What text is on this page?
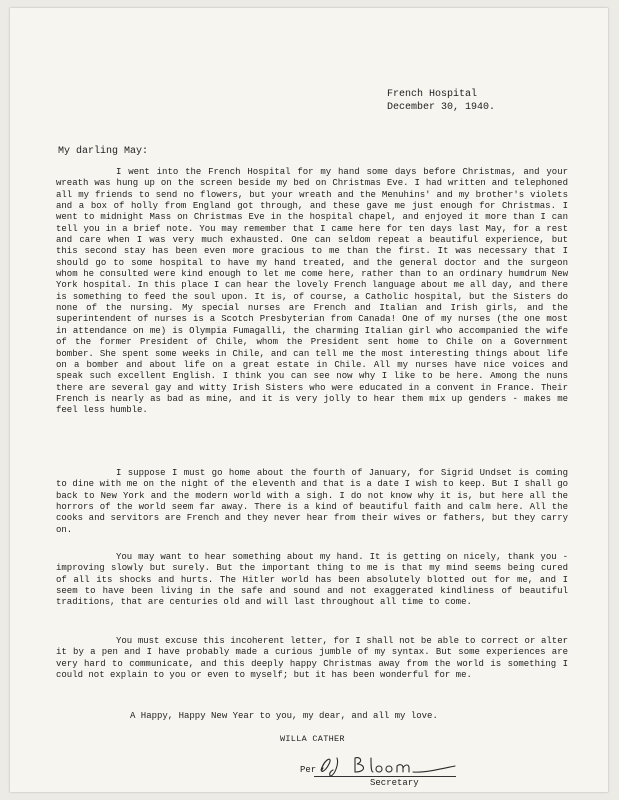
French Hospital
December 30, 1940.
My darling May:
I went into the French Hospital for my hand some days before Christmas, and your wreath was hung up on the screen beside my bed on Christmas Eve. I had written and telephoned all my friends to send no flowers, but your wreath and the Menuhins' and my brother's violets and a box of holly from England got through, and these gave me just enough for Christmas. I went to midnight Mass on Christmas Eve in the hospital chapel, and enjoyed it more than I can tell you in a brief note. You may remember that I came here for ten days last May, for a rest and care when I was very much exhausted. One can seldom repeat a beautiful experience, but this second stay has been even more gracious to me than the first. It was necessary that I should go to some hospital to have my hand treated, and the general doctor and the surgeon whom he consulted were kind enough to let me come here, rather than to an ordinary humdrum New York hospital. In this place I can hear the lovely French language about me all day, and there is something to feed the soul upon. It is, of course, a Catholic hospital, but the Sisters do none of the nursing. My special nurses are French and Italian and Irish girls, and the superintendent of nurses is a Scotch Presbyterian from Canada! One of my nurses (the one most in attendance on me) is Olympia Fumagalli, the charming Italian girl who accompanied the wife of the former President of Chile, whom the President sent home to Chile on a Government bomber. She spent some weeks in Chile, and can tell me the most interesting things about life on a bomber and about life on a great estate in Chile. All my nurses have nice voices and speak such excellent English. I think you can see now why I like to be here. Among the nuns there are several gay and witty Irish Sisters who were educated in a convent in France. Their French is nearly as bad as mine, and it is very jolly to hear them mix up genders - makes me feel less humble.
I suppose I must go home about the fourth of January, for Sigrid Undset is coming to dine with me on the night of the eleventh and that is a date I wish to keep. But I shall go back to New York and the modern world with a sigh. I do not know why it is, but here all the horrors of the world seem far away. There is a kind of beautiful faith and calm here. All the cooks and servitors are French and they never hear from their wives or fathers, but they carry on.
You may want to hear something about my hand. It is getting on nicely, thank you - improving slowly but surely. But the important thing to me is that my mind seems being cured of all its shocks and hurts. The Hitler world has been absolutely blotted out for me, and I seem to have been living in the safe and sound and not exaggerated kindliness of beautiful traditions, that are centuries old and will last throughout all time to come.
You must excuse this incoherent letter, for I shall not be able to correct or alter it by a pen and I have probably made a curious jumble of my syntax. But some experiences are very hard to communicate, and this deeply happy Christmas away from the world is something I could not explain to you or even to myself; but it has been wonderful for me.
A Happy, Happy New Year to you, my dear, and all my love.
WILLA CATHER
Per
Secretary
